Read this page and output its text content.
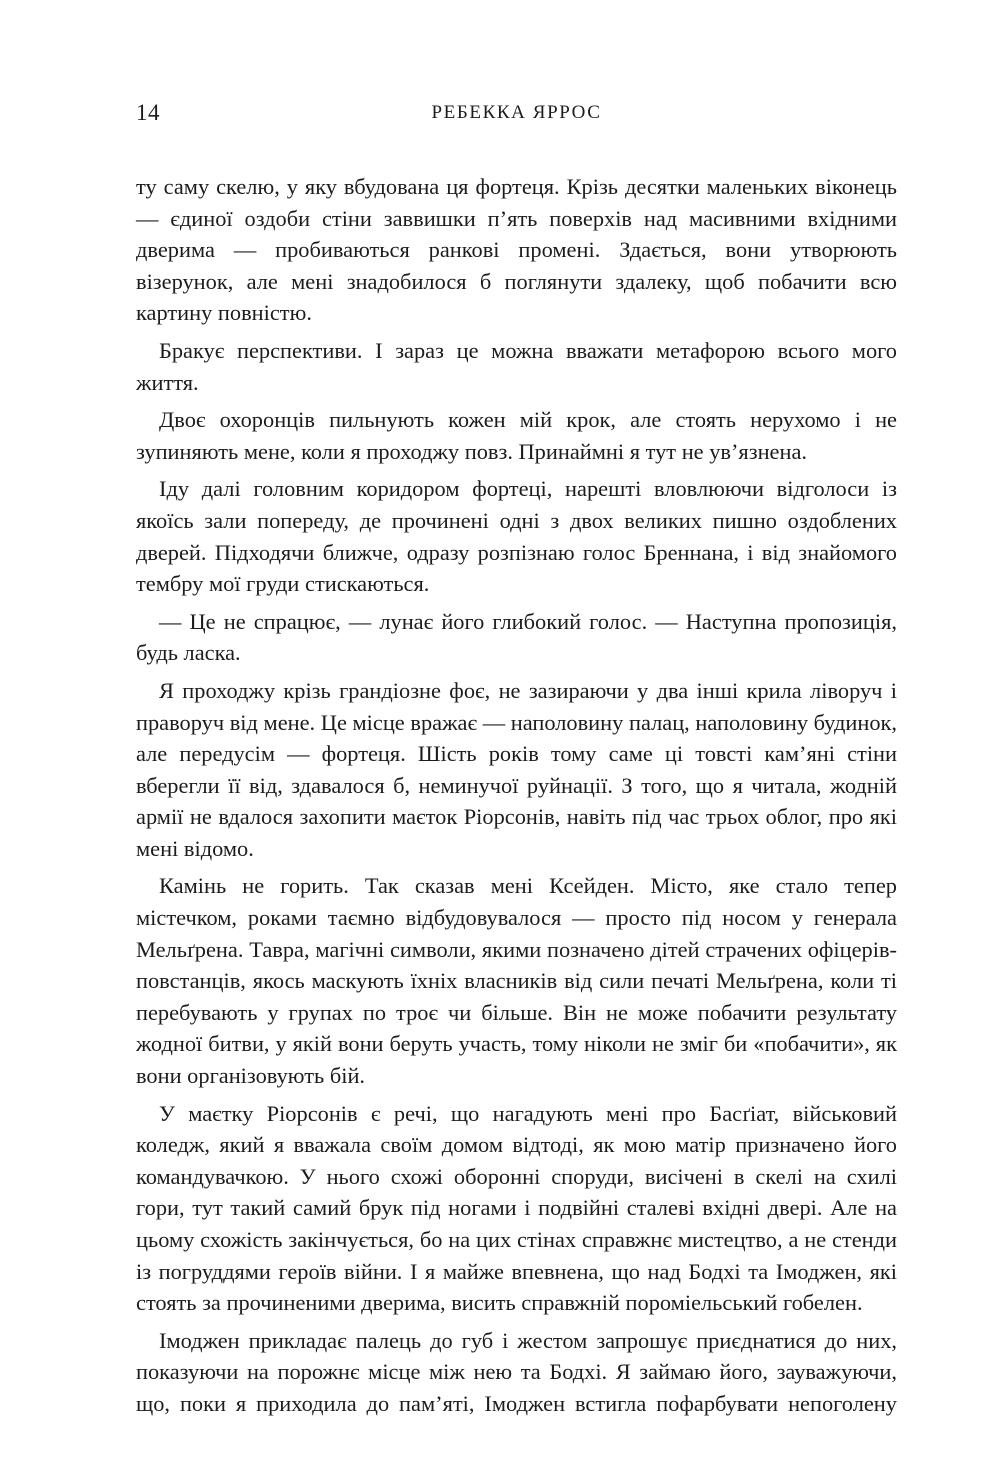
14	РЕБЕККА ЯРРОС

ту саму скелю, у яку вбудована ця фортеця. Крізь десятки маленьких віконець — єдиної оздоби стіни заввишки п’ять поверхів над масивними вхідними дверима — пробиваються ранкові промені. Здається, вони утворюють візерунок, але мені знадобилося б поглянути здалеку, щоб побачити всю картину повністю.

Бракує перспективи. І зараз це можна вважати метафорою всього мого життя.

Двоє охоронців пильнують кожен мій крок, але стоять нерухомо і не зупиняють мене, коли я проходжу повз. Принаймні я тут не ув’язнена.

Іду далі головним коридором фортеці, нарешті вловлюючи відголоси із якоїсь зали попереду, де прочинені одні з двох великих пишно оздоблених дверей. Підходячи ближче, одразу розпізнаю голос Бреннана, і від знайомого тембру мої груди стискаються.

— Це не спрацює, — лунає його глибокий голос. — Наступна пропозиція, будь ласка.

Я проходжу крізь грандіозне фоє, не зазираючи у два інші крила ліворуч і праворуч від мене. Це місце вражає — наполовину палац, наполовину будинок, але передусім — фортеця. Шість років тому саме ці товсті кам’яні стіни вберегли її від, здавалося б, неминучої руйнації. З того, що я читала, жодній армії не вдалося захопити маєток Ріорсонів, навіть під час трьох облог, про які мені відомо.

Камінь не горить. Так сказав мені Ксейден. Місто, яке стало тепер містечком, роками таємно відбудовувалося — просто під носом у генерала Мельґрена. Тавра, магічні символи, якими позначено дітей страчених офіцерів-повстанців, якось маскують їхніх власників від сили печаті Мельґрена, коли ті перебувають у групах по троє чи більше. Він не може побачити результату жодної битви, у якій вони беруть участь, тому ніколи не зміг би «побачити», як вони організовують бій.

У маєтку Ріорсонів є речі, що нагадують мені про Басґіат, військовий коледж, який я вважала своїм домом відтоді, як мою матір призначено його командувачкою. У нього схожі оборонні споруди, висічені в скелі на схилі гори, тут такий самий брук під ногами і подвійні сталеві вхідні двері. Але на цьому схожість закінчується, бо на цих стінах справжнє мистецтво, а не стенди із погруддями героїв війни. І я майже впевнена, що над Бодхі та Імоджен, які стоять за прочиненими дверима, висить справжній пороміельський гобелен.

Імоджен прикладає палець до губ і жестом запрошує приєднатися до них, показуючи на порожнє місце між нею та Бодхі. Я займаю його, зауважуючи, що, поки я приходила до пам’яті, Імоджен встигла пофарбувати непоголену
